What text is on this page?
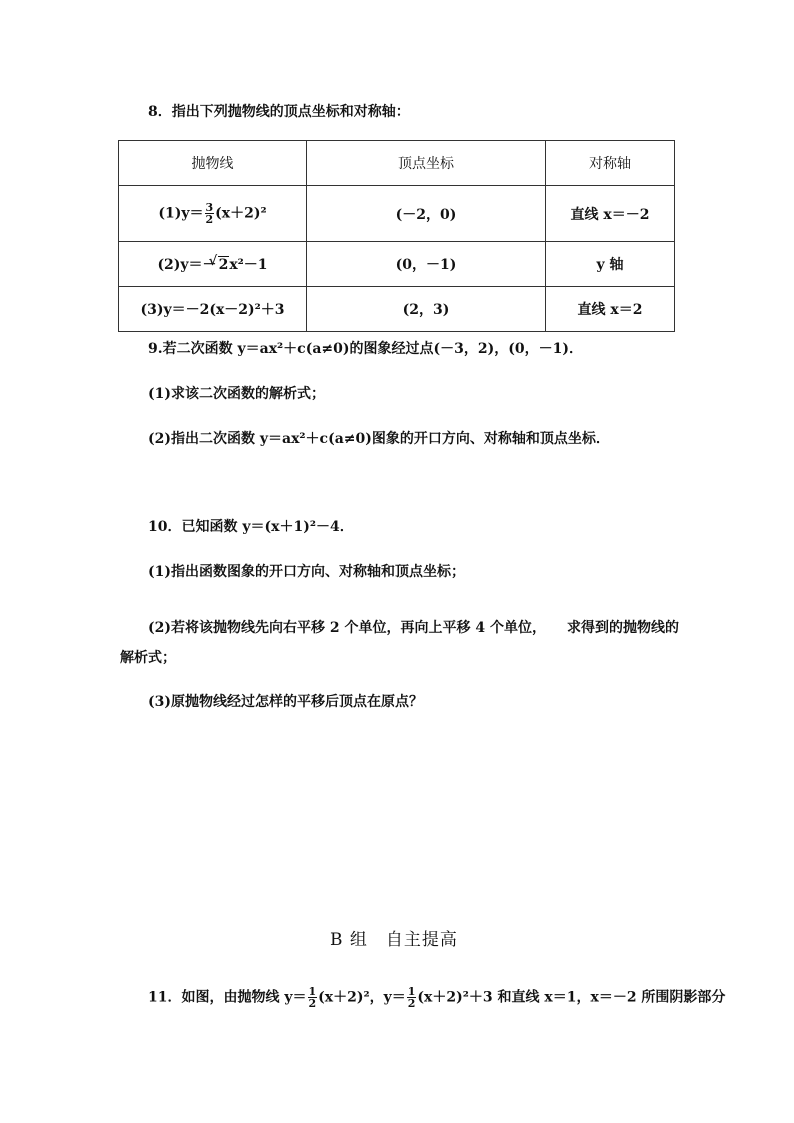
8．指出下列抛物线的顶点坐标和对称轴：
抛物线	顶点坐标	对称轴
$(1)y= \frac{3}{2} (x+2)^2$	(－2，0)	直线 x＝－2
(2)y＝－ √ 2x²－1	(0，－1)	y 轴
(3)y＝－2(x－2)²＋3	(2，3)	直线 x＝2
9.若二次函数 y＝ax²＋c(a≠0)的图象经过点(－3，2)，(0，－1)．
(1)求该二次函数的解析式；
(2)指出二次函数 y＝ax²＋c(a≠0)图象的开口方向、对称轴和顶点坐标．
10．已知函数 y＝(x＋1)²－4．
(1)指出函数图象的开口方向、对称轴和顶点坐标；
(2)若将该抛物线先向右平移 2 个单位，再向上平移 4 个单位，　　求得到的抛物线的
解析式；
(3)原抛物线经过怎样的平移后顶点在原点？
B 组　自主提高
11．如图，由抛物线 $y= \frac{1}{2} (x+2)^2$，$y= \frac{1}{2} (x+2)^2+3$ 和直线 x＝1，x＝－2 所围阴影部分
